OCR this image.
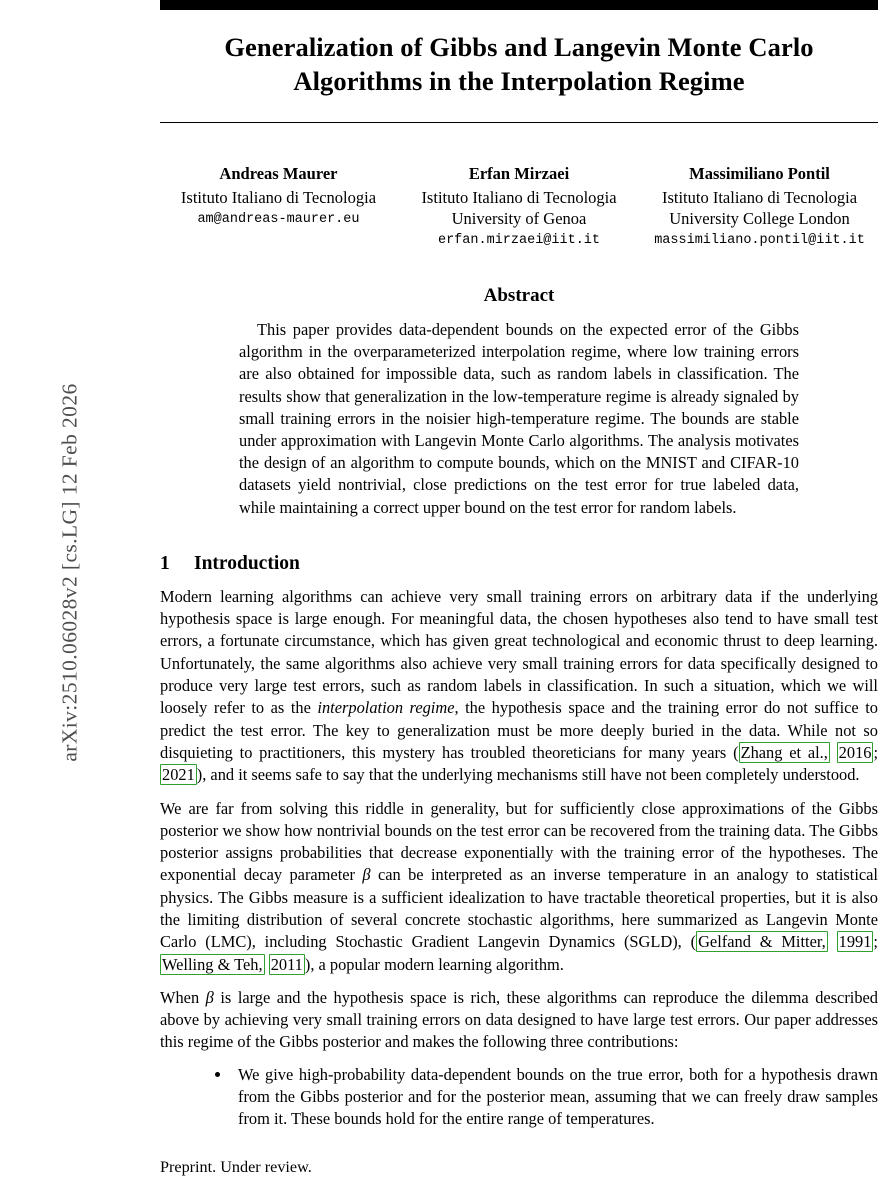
arXiv:2510.06028v2 [cs.LG] 12 Feb 2026
Generalization of Gibbs and Langevin Monte Carlo Algorithms in the Interpolation Regime
Andreas Maurer
Istituto Italiano di Tecnologia
am@andreas-maurer.eu
Erfan Mirzaei
Istituto Italiano di Tecnologia
University of Genoa
erfan.mirzaei@iit.it
Massimiliano Pontil
Istituto Italiano di Tecnologia
University College London
massimiliano.pontil@iit.it
Abstract
This paper provides data-dependent bounds on the expected error of the Gibbs algorithm in the overparameterized interpolation regime, where low training errors are also obtained for impossible data, such as random labels in classification. The results show that generalization in the low-temperature regime is already signaled by small training errors in the noisier high-temperature regime. The bounds are stable under approximation with Langevin Monte Carlo algorithms. The analysis motivates the design of an algorithm to compute bounds, which on the MNIST and CIFAR-10 datasets yield nontrivial, close predictions on the test error for true labeled data, while maintaining a correct upper bound on the test error for random labels.
1 Introduction

Modern learning algorithms can achieve very small training errors on arbitrary data if the underlying hypothesis space is large enough. For meaningful data, the chosen hypotheses also tend to have small test errors, a fortunate circumstance, which has given great technological and economic thrust to deep learning. Unfortunately, the same algorithms also achieve very small training errors for data specifically designed to produce very large test errors, such as random labels in classification. In such a situation, which we will loosely refer to as the interpolation regime, the hypothesis space and the training error do not suffice to predict the test error. The key to generalization must be more deeply buried in the data. While not so disquieting to practitioners, this mystery has troubled theoreticians for many years ( Zhang et al., 2016 ; 2021 ), and it seems safe to say that the underlying mechanisms still have not been completely understood.

We are far from solving this riddle in generality, but for sufficiently close approximations of the Gibbs posterior we show how nontrivial bounds on the test error can be recovered from the training data. The Gibbs posterior assigns probabilities that decrease exponentially with the training error of the hypotheses. The exponential decay parameter β can be interpreted as an inverse temperature in an analogy to statistical physics. The Gibbs measure is a sufficient idealization to have tractable theoretical properties, but it is also the limiting distribution of several concrete stochastic algorithms, here summarized as Langevin Monte Carlo (LMC), including Stochastic Gradient Langevin Dynamics (SGLD), ( Gelfand & Mitter, 1991 ; Welling & Teh, 2011 ), a popular modern learning algorithm.

When β is large and the hypothesis space is rich, these algorithms can reproduce the dilemma described above by achieving very small training errors on data designed to have large test errors. Our paper addresses this regime of the Gibbs posterior and makes the following three contributions:

• We give high-probability data-dependent bounds on the true error, both for a hypothesis drawn from the Gibbs posterior and for the posterior mean, assuming that we can freely draw samples from it. These bounds hold for the entire range of temperatures.
Preprint. Under review.
